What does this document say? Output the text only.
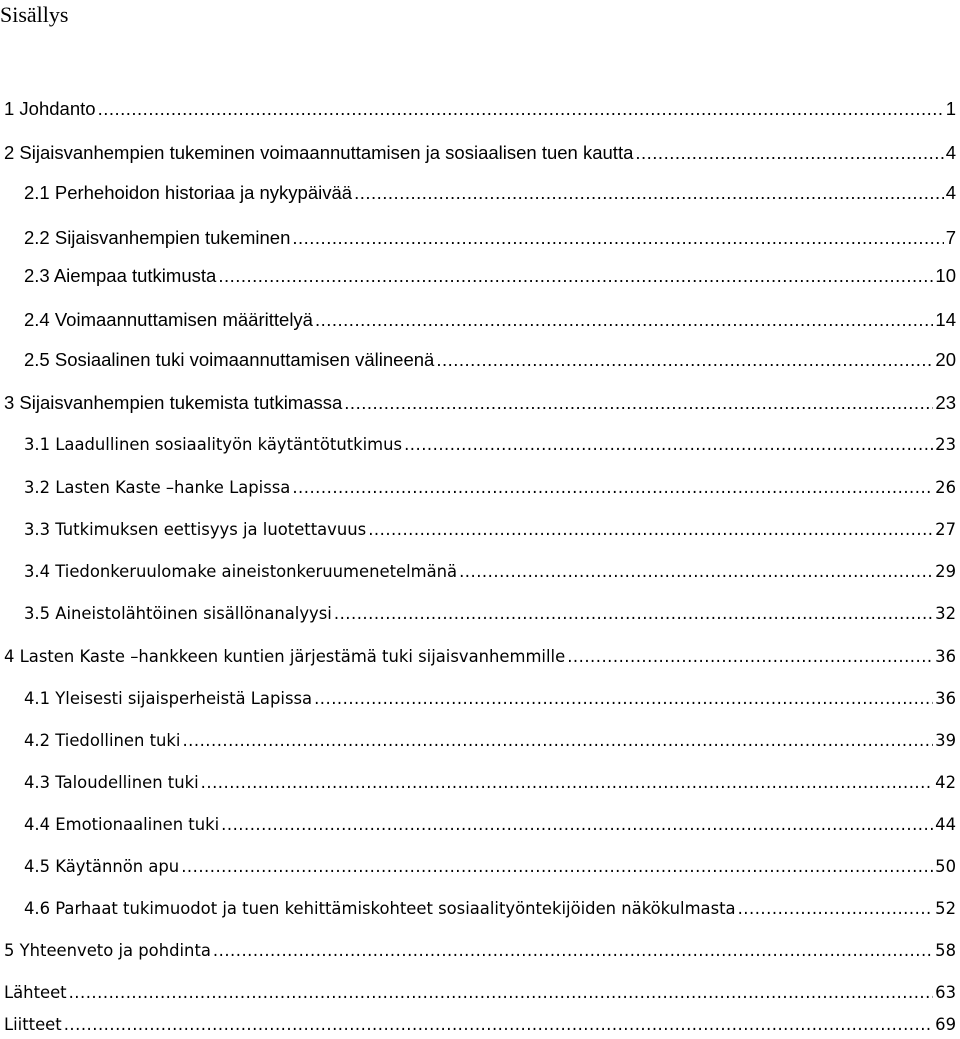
Sisällys
1 Johdanto .....	1
2 Sijaisvanhempien tukeminen voimaannuttamisen ja sosiaalisen tuen kautta .....	4
2.1 Perhehoidon historiaa ja nykypäivää .....	4
2.2 Sijaisvanhempien tukeminen .....	7
2.3 Aiempaa tutkimusta .....	10
2.4 Voimaannuttamisen määrittelyä .....	14
2.5 Sosiaalinen tuki voimaannuttamisen välineenä .....	20
3 Sijaisvanhempien tukemista tutkimassa .....	23
3.1 Laadullinen sosiaalityön käytäntötutkimus .....	23
3.2 Lasten Kaste –hanke Lapissa .....	26
3.3 Tutkimuksen eettisyys ja luotettavuus .....	27
3.4 Tiedonkeruulomake aineistonkeruumenetelmänä .....	29
3.5 Aineistolähtöinen sisällönanalyysi .....	32
4 Lasten Kaste –hankkeen kuntien järjestämä tuki sijaisvanhemmille .....	36
4.1 Yleisesti sijaisperheistä Lapissa .....	36
4.2 Tiedollinen tuki .....	39
4.3 Taloudellinen tuki .....	42
4.4 Emotionaalinen tuki .....	44
4.5 Käytännön apu .....	50
4.6 Parhaat tukimuodot ja tuen kehittämiskohteet sosiaalityöntekijöiden näkökulmasta .....	52
5 Yhteenveto ja pohdinta .....	58
Lähteet .....	63
Liitteet .....	69
